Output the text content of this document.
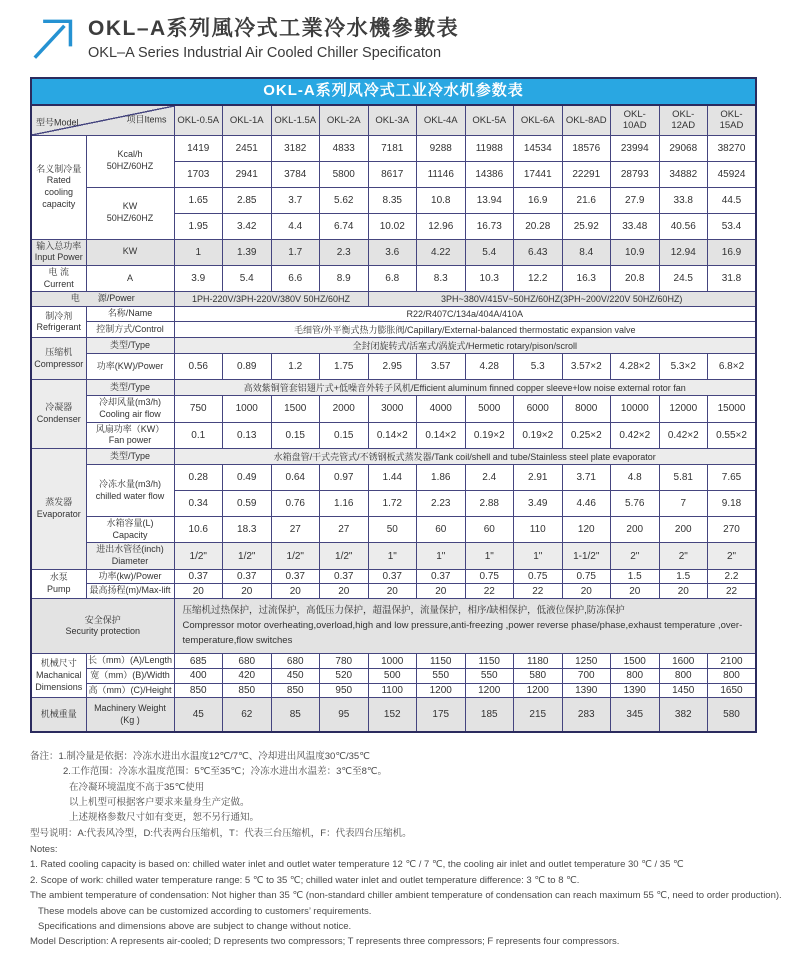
OKL–A系列風冷式工業冷水機參數表
OKL–A Series Industrial Air Cooled Chiller Specificaton
OKL-A系列风冷式工业冷水机参数表
型号Model 项目Items		OKL-0.5A	OKL-1A	OKL-1.5A	OKL-2A	OKL-3A	OKL-4A	OKL-5A	OKL-6A	OKL-8AD	OKL-10AD	OKL-12AD	OKL-15AD
名义制冷量
Rated
cooling
capacity	Kcal/h
50HZ/60HZ	1419	2451	3182	4833	7181	9288	11988	14534	18576	23994	29068	38270
		1703	2941	3784	5800	8617	11146	14386	17441	22291	28793	34882	45924
	KW
50HZ/60HZ	1.65	2.85	3.7	5.62	8.35	10.8	13.94	16.9	21.6	27.9	33.8	44.5
		1.95	3.42	4.4	6.74	10.02	12.96	16.73	20.28	25.92	33.48	40.56	53.4
输入总功率
Input Power	KW	1	1.39	1.7	2.3	3.6	4.22	5.4	6.43	8.4	10.9	12.94	16.9
电 流
Current	A	3.9	5.4	6.6	8.9	6.8	8.3	10.3	12.2	16.3	20.8	24.5	31.8
电　　源/Power		1PH-220V/3PH-220V/380V 50HZ/60HZ				3PH~380V/415V~50HZ/60HZ(3PH~200V/220V 50HZ/60HZ)							
制冷剂
Refrigerant	名称/Name	R22/R407C/134a/404A/410A											
	控制方式/Control	毛细管/外平衡式热力膨胀阀/Capillary/External-balanced thermostatic expansion valve											
压缩机
Compressor	类型/Type	全封闭旋转式/活塞式/涡旋式/Hermetic rotary/pison/scroll											
	功率(KW)/Power	0.56	0.89	1.2	1.75	2.95	3.57	4.28	5.3	3.57×2	4.28×2	5.3×2	6.8×2
冷凝器
Condenser	类型/Type	高效紫铜管套铝翅片式+低噪音外转子风机/Efficient aluminum finned copper sleeve+low noise external rotor fan											
	冷却风量(m3/h)
Cooling air flow	750	1000	1500	2000	3000	4000	5000	6000	8000	10000	12000	15000
	风扇功率（KW）
Fan power	0.1	0.13	0.15	0.15	0.14×2	0.14×2	0.19×2	0.19×2	0.25×2	0.42×2	0.42×2	0.55×2
蒸发器
Evaporator	类型/Type	水箱盘管/干式壳管式/不锈钢板式蒸发器/Tank coil/shell and tube/Stainless steel plate evaporator											
	冷冻水量(m3/h)
chilled water flow	0.28	0.49	0.64	0.97	1.44	1.86	2.4	2.91	3.71	4.8	5.81	7.65
		0.34	0.59	0.76	1.16	1.72	2.23	2.88	3.49	4.46	5.76	7	9.18
	水箱容量(L)
Capacity	10.6	18.3	27	27	50	60	60	110	120	200	200	270
	进出水管径(inch)
Diameter	1/2"	1/2"	1/2"	1/2"	1"	1"	1"	1"	1-1/2"	2"	2"	2"
水泵
Pump	功率(kw)/Power	0.37	0.37	0.37	0.37	0.37	0.37	0.75	0.75	0.75	1.5	1.5	2.2
	最高扬程(m)/Max-lift	20	20	20	20	20	20	22	22	20	20	20	22
安全保护
Security protection		压缩机过热保护，过流保护，高低压力保护，超温保护，流量保护，相序/缺相保护，低液位保护,防冻保护
Compressor motor overheating,overload,high and low pressure,anti-freezing ,power reverse phase/phase,exhaust temperature ,over-
temperature,flow switches											
机械尺寸
Machanical
Dimensions	长（mm）(A)/Length	685	680	680	780	1000	1150	1150	1180	1250	1500	1600	2100
	宽（mm）(B)/Width	400	420	450	520	500	550	550	580	700	800	800	800
	高（mm）(C)/Height	850	850	850	950	1100	1200	1200	1200	1390	1390	1450	1650
机械重量	Machinery Weight
(Kg )	45	62	85	95	152	175	185	215	283	345	382	580
备注：1.制冷量是依据：冷冻水进出水温度12℃/7℃、冷却进出风温度30℃/35℃
2.工作范围：冷冻水温度范围：5℃至35℃；冷冻水进出水温差：3℃至8℃。
在冷凝环境温度不高于35℃使用
以上机型可根据客户要求来量身生产定做。
上述规格参数尺寸如有变更，恕不另行通知。
型号说明：A:代表风冷型，D:代表两台压缩机，T：代表三台压缩机，F：代表四台压缩机。
Notes:
1. Rated cooling capacity is based on: chilled water inlet and outlet water temperature 12 ℃ / 7 ℃, the cooling air inlet and outlet temperature 30 ℃ / 35 ℃
2. Scope of work: chilled water temperature range: 5 ℃ to 35 ℃; chilled water inlet and outlet temperature difference: 3 ℃ to 8 ℃.
The ambient temperature of condensation: Not higher than 35 ℃ (non-standard chiller ambient temperature of condensation can reach maximum 55 ℃, need to order production).
These models above can be customized according to customers’ requirements.
Specifications and dimensions above are subject to change without notice.
Model Description: A represents air-cooled; D represents two compressors; T represents three compressors; F represents four compressors.
